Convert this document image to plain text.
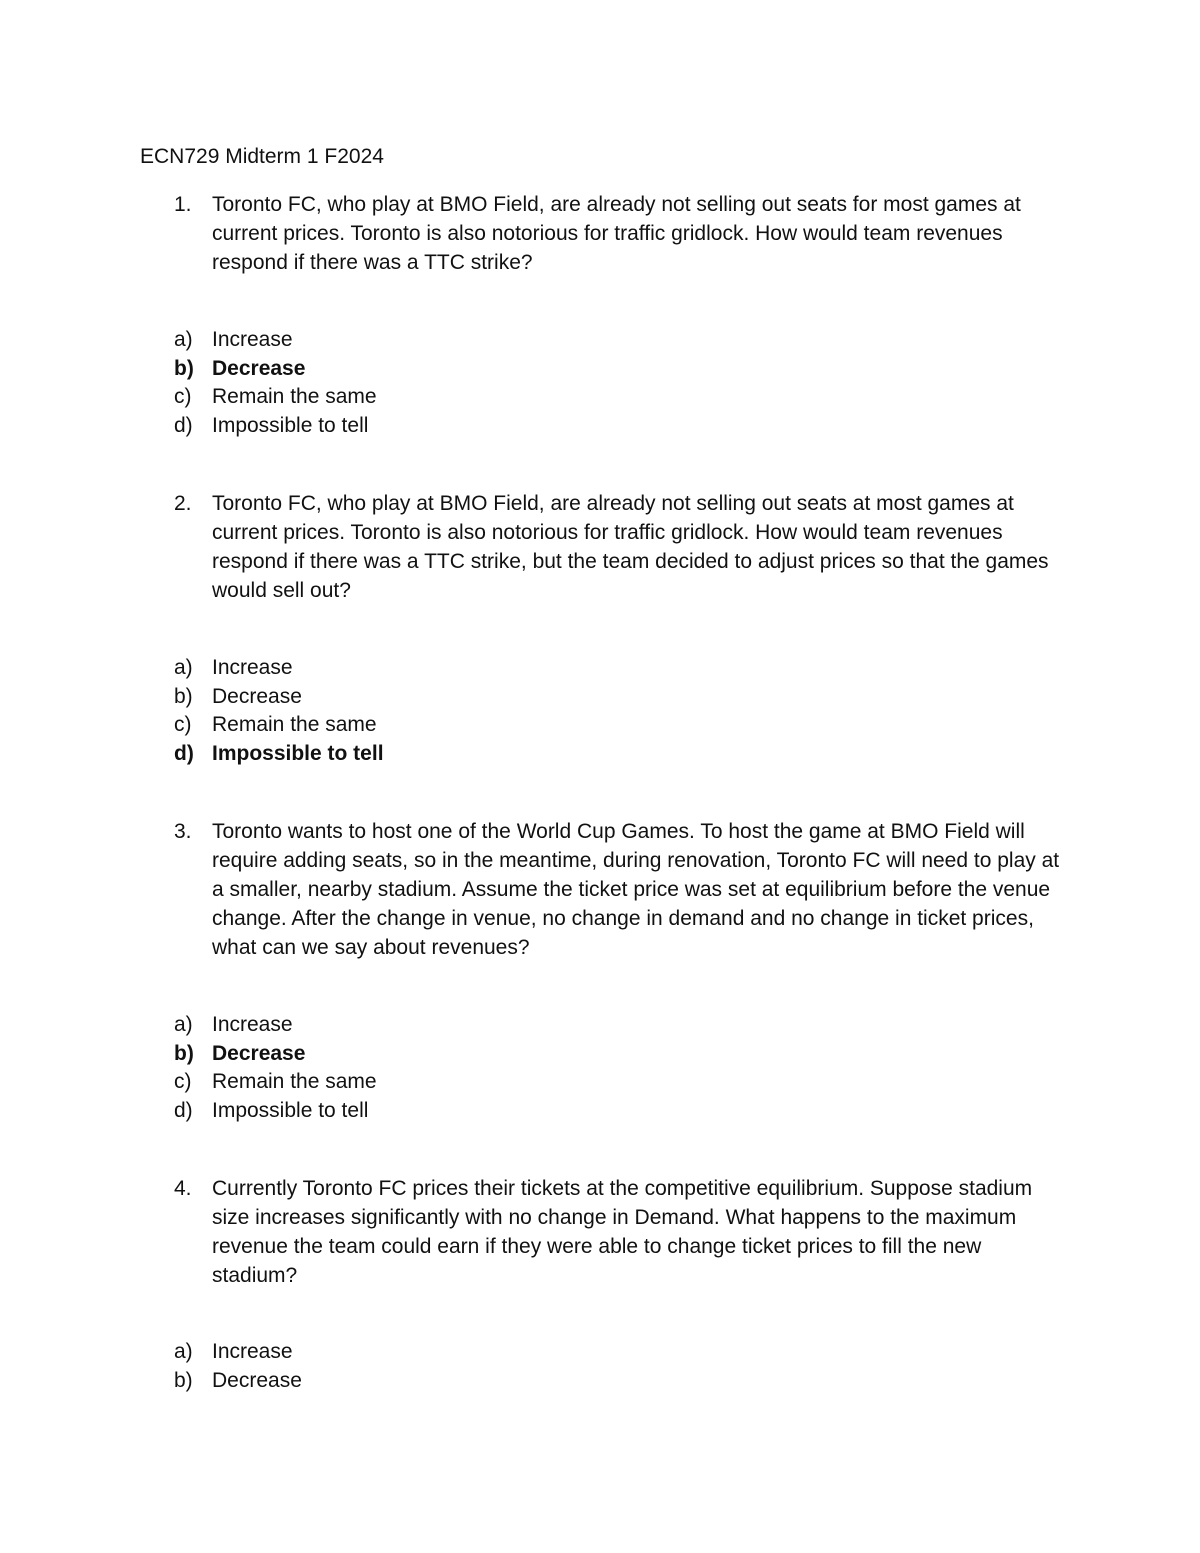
ECN729 Midterm 1 F2024
1. Toronto FC, who play at BMO Field, are already not selling out seats for most games at current prices. Toronto is also notorious for traffic gridlock. How would team revenues respond if there was a TTC strike?
a) Increase
b) Decrease
c) Remain the same
d) Impossible to tell
2. Toronto FC, who play at BMO Field, are already not selling out seats at most games at current prices. Toronto is also notorious for traffic gridlock. How would team revenues respond if there was a TTC strike, but the team decided to adjust prices so that the games would sell out?
a) Increase
b) Decrease
c) Remain the same
d) Impossible to tell
3. Toronto wants to host one of the World Cup Games. To host the game at BMO Field will require adding seats, so in the meantime, during renovation, Toronto FC will need to play at a smaller, nearby stadium. Assume the ticket price was set at equilibrium before the venue change. After the change in venue, no change in demand and no change in ticket prices, what can we say about revenues?
a) Increase
b) Decrease
c) Remain the same
d) Impossible to tell
4. Currently Toronto FC prices their tickets at the competitive equilibrium. Suppose stadium size increases significantly with no change in Demand. What happens to the maximum revenue the team could earn if they were able to change ticket prices to fill the new stadium?
a) Increase
b) Decrease
